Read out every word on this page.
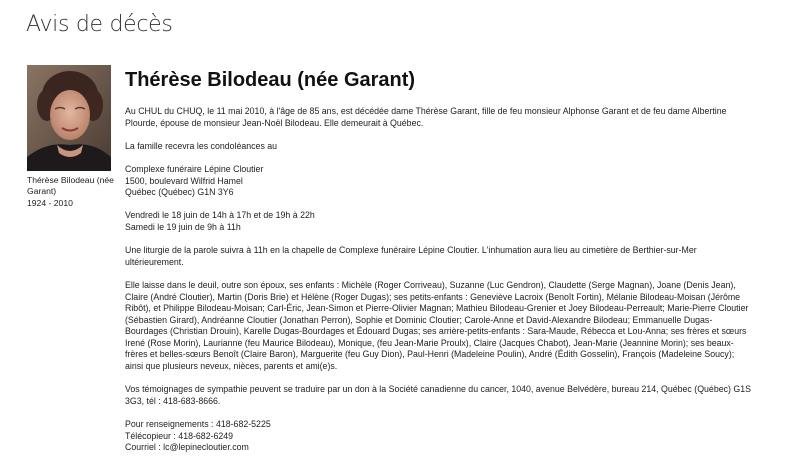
Avis de décès
Thérèse Bilodeau (née Garant)
1924 - 2010
Thérèse Bilodeau (née Garant)

Au CHUL du CHUQ, le 11 mai 2010, à l'âge de 85 ans, est décédée dame Thérèse Garant, fille de feu monsieur Alphonse Garant et de feu dame Albertine Plourde, épouse de monsieur Jean-Noël Bilodeau. Elle demeurait à Québec.

La famille recevra les condoléances au

Complexe funéraire Lépine Cloutier
1500, boulevard Wilfrid Hamel
Québec (Québec) G1N 3Y6

Vendredi le 18 juin de 14h à 17h et de 19h à 22h
Samedi le 19 juin de 9h à 11h

Une liturgie de la parole suivra à 11h en la chapelle de Complexe funéraire Lépine Cloutier. L'inhumation aura lieu au cimetière de Berthier-sur-Mer ultérieurement.

Elle laisse dans le deuil, outre son époux, ses enfants : Michèle (Roger Corriveau), Suzanne (Luc Gendron), Claudette (Serge Magnan), Joane (Denis Jean), Claire (André Cloutier), Martin (Doris Brie) et Hélène (Roger Dugas); ses petits-enfants : Geneviève Lacroix (Benoît Fortin), Mélanie Bilodeau-Moisan (Jérôme Ribôt), et Philippe Bilodeau-Moisan; Carl-Éric, Jean-Simon et Pierre-Olivier Magnan; Mathieu Bilodeau-Grenier et Joey Bilodeau-Perreault; Marie-Pierre Cloutier (Sébastien Girard), Andréanne Cloutier (Jonathan Perron), Sophie et Dominic Cloutier; Carole-Anne et David-Alexandre Bilodeau; Emmanuelle Dugas-Bourdages (Christian Drouin), Karelle Dugas-Bourdages et Édouard Dugas; ses arrière-petits-enfants : Sara-Maude, Rébecca et Lou-Anna; ses frères et sœurs Irené (Rose Morin), Laurianne (feu Maurice Bilodeau), Monique, (feu Jean-Marie Proulx), Claire (Jacques Chabot), Jean-Marie (Jeannine Morin); ses beaux-frères et belles-sœurs Benoît (Claire Baron), Marguerite (feu Guy Dion), Paul-Henri (Madeleine Poulin), André (Édith Gosselin), François (Madeleine Soucy); ainsi que plusieurs neveux, nièces, parents et ami(e)s.

Vos témoignages de sympathie peuvent se traduire par un don à la Société canadienne du cancer, 1040, avenue Belvédère, bureau 214, Québec (Québec) G1S 3G3, tél : 418-683-8666.

Pour renseignements : 418-682-5225
Télécopieur : 418-682-6249
Courriel : lc@lepinecloutier.com
